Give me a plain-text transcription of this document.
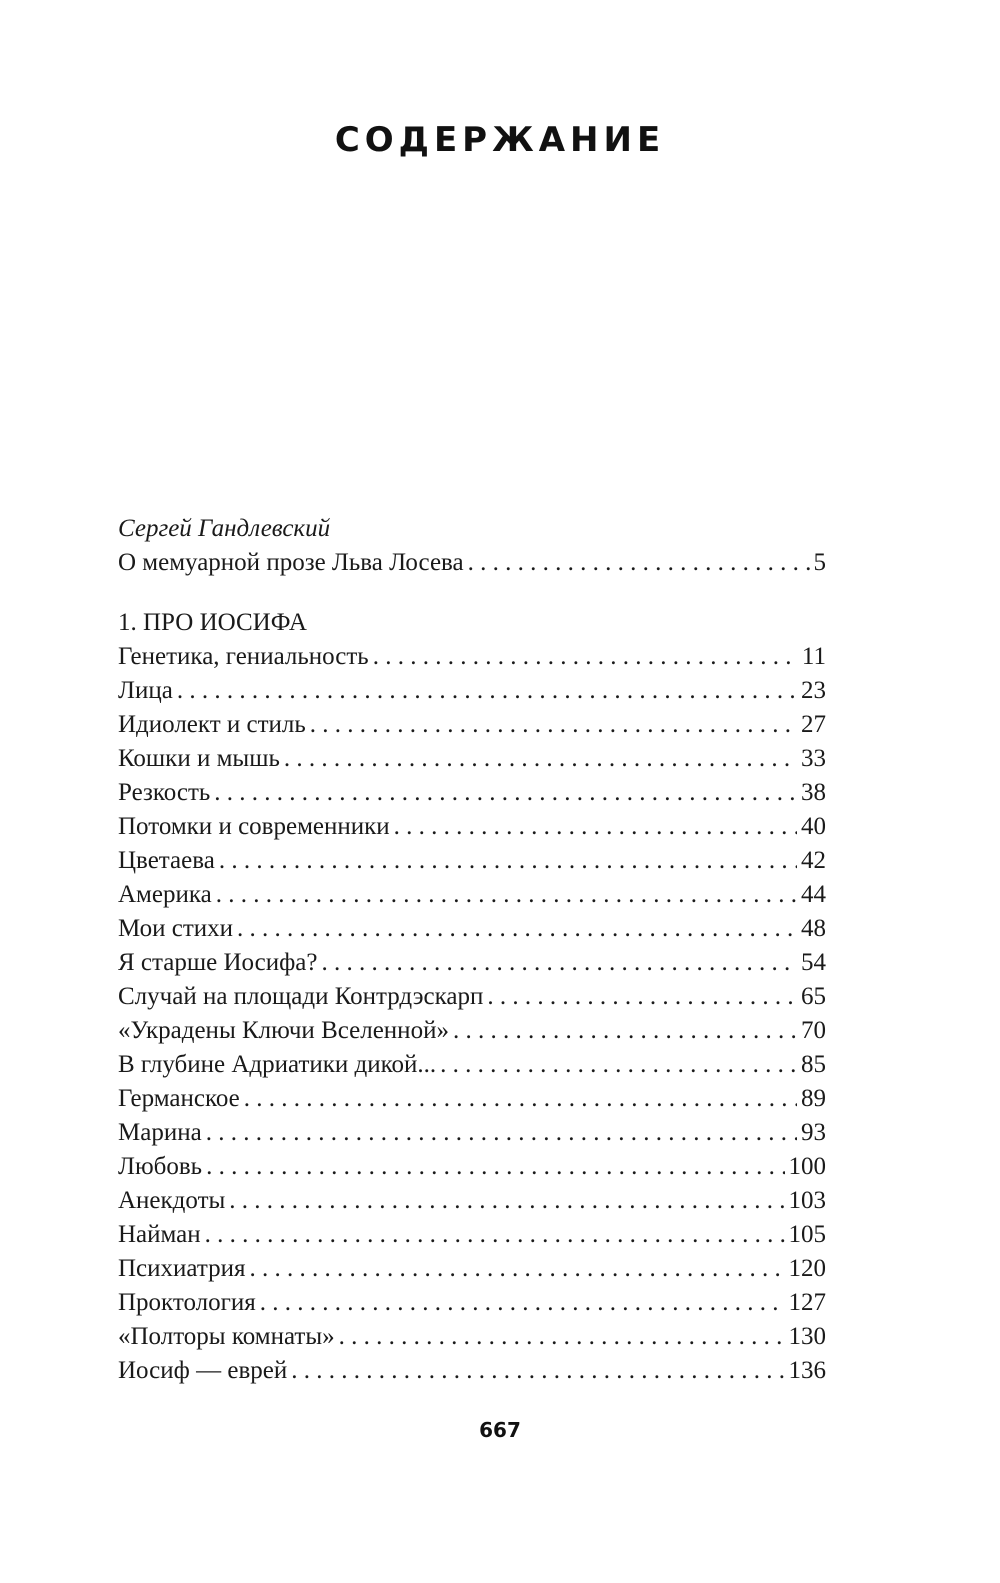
СОДЕРЖАНИЕ
Сергей Гандлевский
О мемуарной прозе Льва Лосева . . .	5
1. ПРО ИОСИФА
Генетика, гениальность . . .	11
Лица . . .	23
Идиолект и стиль . . .	27
Кошки и мышь . . .	33
Резкость . . .	38
Потомки и современники . . .	40
Цветаева . . .	42
Америка . . .	44
Мои стихи . . .	48
Я старше Иосифа? . . .	54
Случай на площади Контрдэскарп . . .	65
«Украдены Ключи Вселенной» . . .	70
В глубине Адриатики дикой... . . .	85
Германское . . .	89
Марина . . .	93
Любовь . . .	100
Анекдоты . . .	103
Найман . . .	105
Психиатрия . . .	120
Проктология . . .	127
«Полторы комнаты» . . .	130
Иосиф — еврей . . .	136
667
